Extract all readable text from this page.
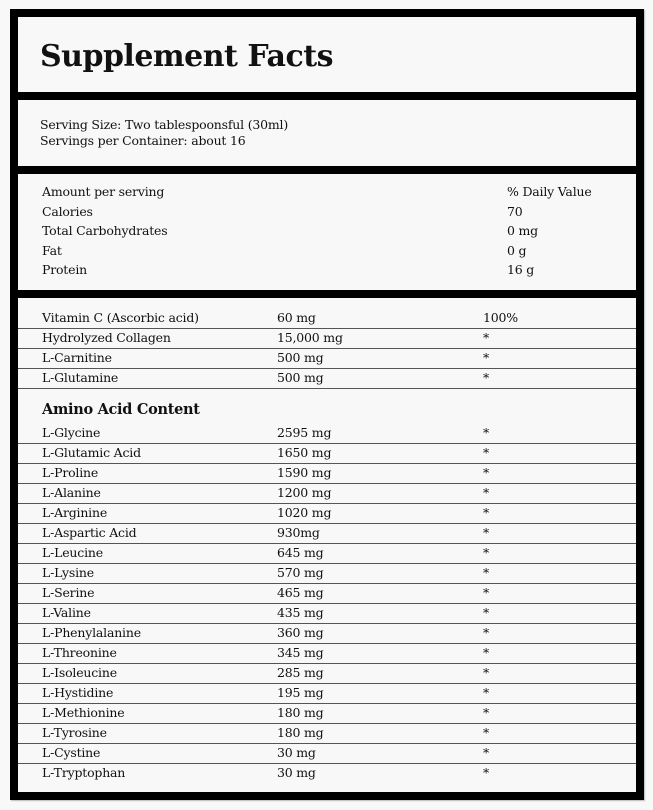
Supplement Facts
Serving Size: Two tablespoonsful (30ml)
Servings per Container: about 16
Amount per serving	% Daily Value
Calories	70
Total Carbohydrates	0 mg
Fat	0 g
Protein	16 g
Vitamin C (Ascorbic acid)	60 mg	100%
Hydrolyzed Collagen	15,000 mg	*
L-Carnitine	500 mg	*
L-Glutamine	500 mg	*
Amino Acid Content
L-Glycine	2595 mg	*
L-Glutamic Acid	1650 mg	*
L-Proline	1590 mg	*
L-Alanine	1200 mg	*
L-Arginine	1020 mg	*
L-Aspartic Acid	930mg	*
L-Leucine	645 mg	*
L-Lysine	570 mg	*
L-Serine	465 mg	*
L-Valine	435 mg	*
L-Phenylalanine	360 mg	*
L-Threonine	345 mg	*
L-Isoleucine	285 mg	*
L-Hystidine	195 mg	*
L-Methionine	180 mg	*
L-Tyrosine	180 mg	*
L-Cystine	30 mg	*
L-Tryptophan	30 mg	*
